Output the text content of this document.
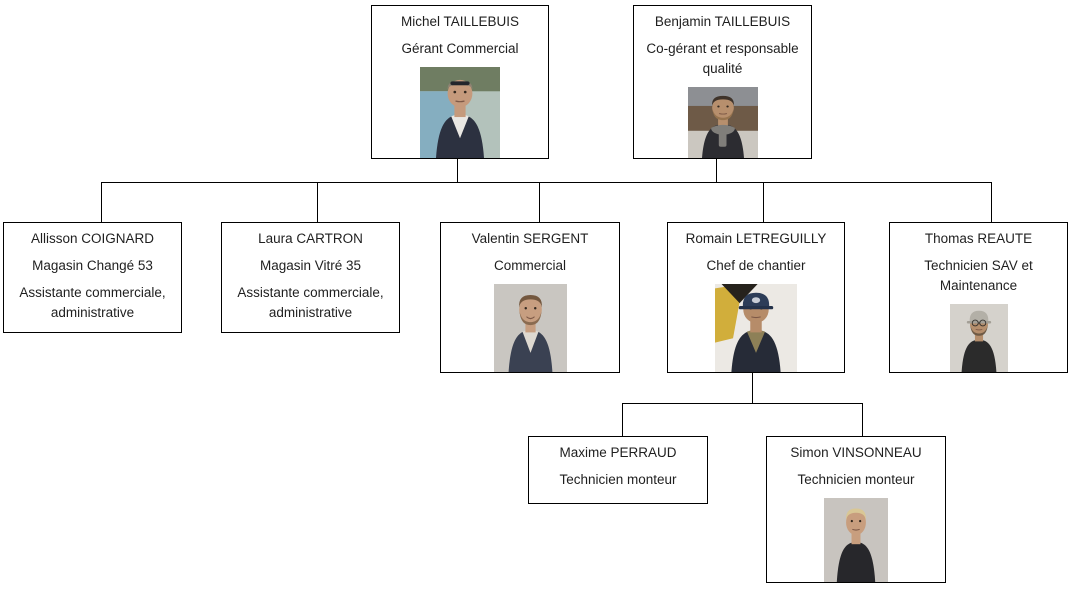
Michel TAILLEBUIS

Gérant Commercial

Benjamin TAILLEBUIS

Co-gérant et responsable qualité

Allisson COIGNARD

Magasin Changé 53

Assistante commerciale, administrative

Laura CARTRON

Magasin Vitré 35

Assistante commerciale, administrative

Valentin SERGENT

Commercial

Romain LETREGUILLY

Chef de chantier

Thomas REAUTE

Technicien SAV et Maintenance

Maxime PERRAUD

Technicien monteur

Simon VINSONNEAU

Technicien monteur
